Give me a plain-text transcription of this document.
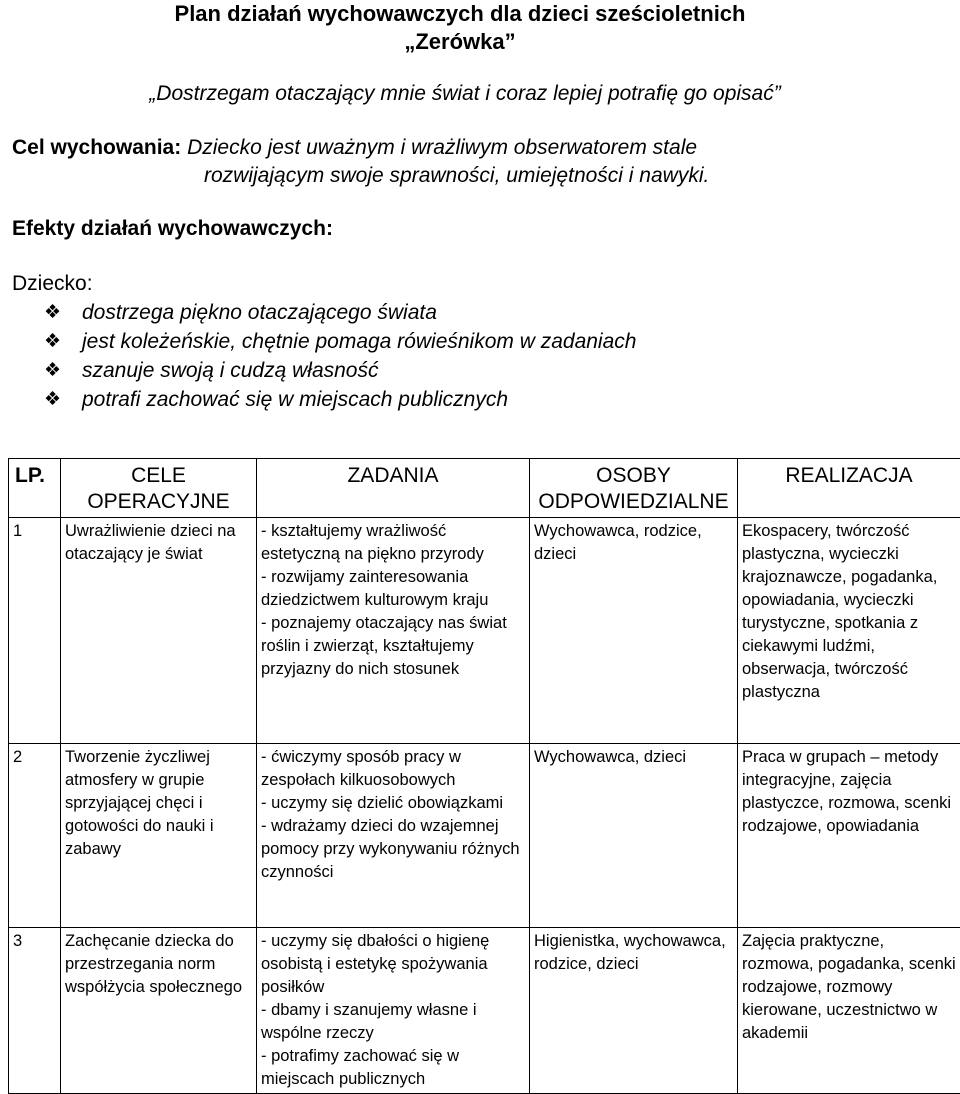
Plan działań wychowawczych dla dzieci sześcioletnich
„Zerówka”
„Dostrzegam otaczający mnie świat i coraz lepiej potrafię go opisać”
Cel wychowania: Dziecko jest uważnym i wrażliwym obserwatorem stale
rozwijającym swoje sprawności, umiejętności i nawyki.
Efekty działań wychowawczych:
Dziecko:
❖ dostrzega piękno otaczającego świata
❖ jest koleżeńskie, chętnie pomaga rówieśnikom w zadaniach
❖ szanuje swoją i cudzą własność
❖ potrafi zachować się w miejscach publicznych
LP.	CELE OPERACYJNE	ZADANIA	OSOBY ODPOWIEDZIALNE	REALIZACJA
1	Uwrażliwienie dzieci na otaczający je świat	- kształtujemy wrażliwość estetyczną na piękno przyrody
- rozwijamy zainteresowania dziedzictwem kulturowym kraju
- poznajemy otaczający nas świat roślin i zwierząt, kształtujemy przyjazny do nich stosunek	Wychowawca, rodzice, dzieci	Ekospacery, twórczość plastyczna, wycieczki krajoznawcze, pogadanka, opowiadania, wycieczki turystyczne, spotkania z ciekawymi ludźmi, obserwacja, twórczość plastyczna
2	Tworzenie życzliwej atmosfery w grupie sprzyjającej chęci i gotowości do nauki i zabawy	- ćwiczymy sposób pracy w zespołach kilkuosobowych
- uczymy się dzielić obowiązkami
- wdrażamy dzieci do wzajemnej pomocy przy wykonywaniu różnych czynności	Wychowawca, dzieci	Praca w grupach – metody integracyjne, zajęcia plastyczce, rozmowa, scenki rodzajowe, opowiadania
3	Zachęcanie dziecka do przestrzegania norm współżycia społecznego	- uczymy się dbałości o higienę osobistą i estetykę spożywania posiłków
- dbamy i szanujemy własne i wspólne rzeczy
- potrafimy zachować się w miejscach publicznych	Higienistka, wychowawca, rodzice, dzieci	Zajęcia praktyczne, rozmowa, pogadanka, scenki rodzajowe, rozmowy kierowane, uczestnictwo w akademii
